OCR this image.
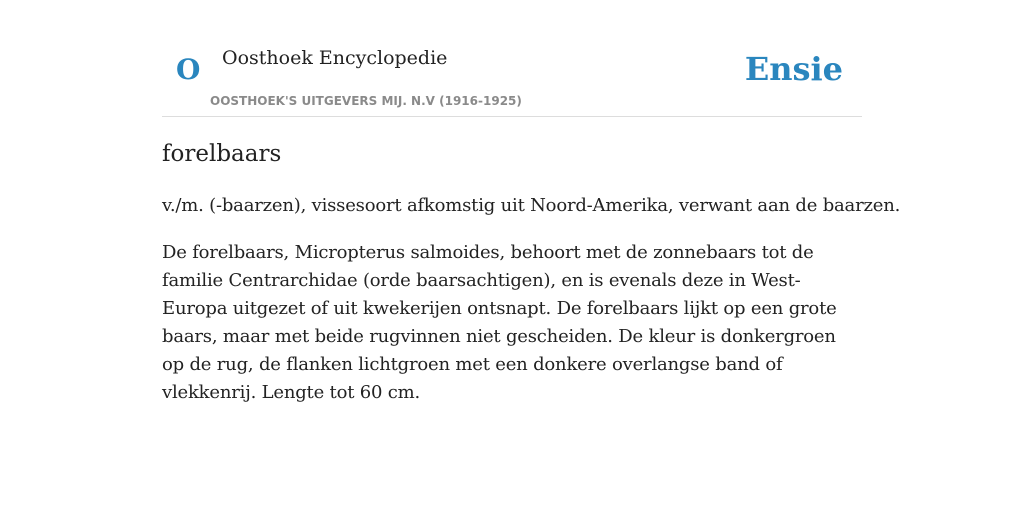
O Oosthoek Encyclopedie
OOSTHOEK'S UITGEVERS MIJ. N.V (1916-1925)
Ensie
forelbaars

v./m. (-baarzen), vissesoort afkomstig uit Noord-Amerika, verwant aan de baarzen.

De forelbaars, Micropterus salmoides, behoort met de zonnebaars tot de familie Centrarchidae (orde baarsachtigen), en is evenals deze in West-Europa uitgezet of uit kwekerijen ontsnapt. De forelbaars lijkt op een grote baars, maar met beide rugvinnen niet gescheiden. De kleur is donkergroen op de rug, de flanken lichtgroen met een donkere overlangse band of vlekkenrij. Lengte tot 60 cm.
